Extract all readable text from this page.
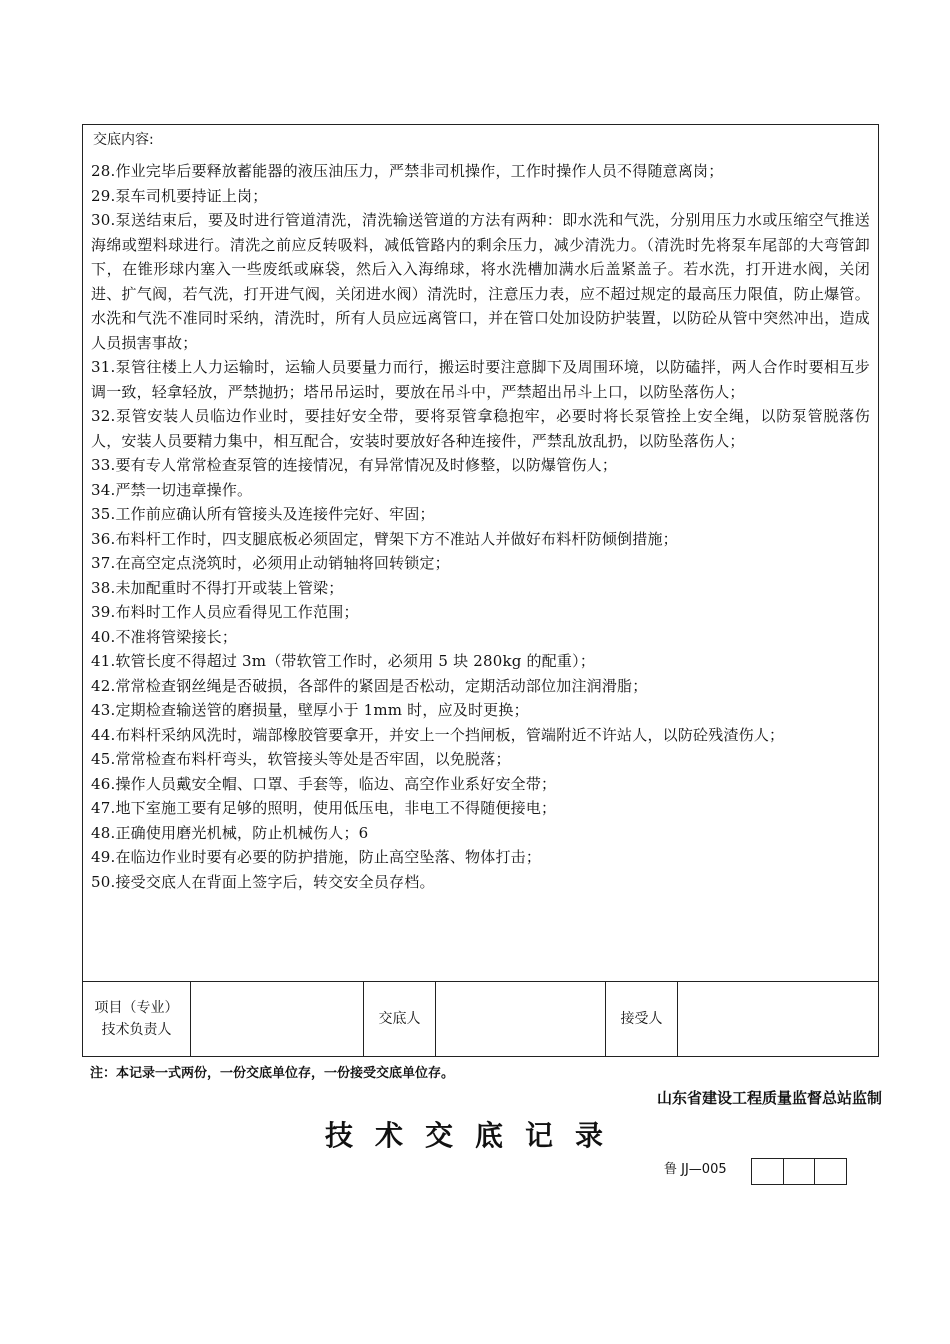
交底内容:

28.作业完毕后要释放蓄能器的液压油压力，严禁非司机操作，工作时操作人员不得随意离岗；

29.泵车司机要持证上岗；

30.泵送结束后，要及时进行管道清洗，清洗输送管道的方法有两种：即水洗和气洗，分别用压力水或压缩空气推送海绵或塑料球进行。清洗之前应反转吸料，减低管路内的剩余压力，减少清洗力。（清洗时先将泵车尾部的大弯管卸下，在锥形球内塞入一些废纸或麻袋，然后入入海绵球，将水洗槽加满水后盖紧盖子。若水洗，打开进水阀，关闭进、扩气阀，若气洗，打开进气阀，关闭进水阀）清洗时，注意压力表，应不超过规定的最高压力限值，防止爆管。水洗和气洗不准同时采纳，清洗时，所有人员应远离管口，并在管口处加设防护装置，以防砼从管中突然冲出，造成人员损害事故；

31.泵管往楼上人力运输时，运输人员要量力而行，搬运时要注意脚下及周围环境，以防磕拌，两人合作时要相互步调一致，轻拿轻放，严禁抛扔；塔吊吊运时，要放在吊斗中，严禁超出吊斗上口，以防坠落伤人；

32.泵管安装人员临边作业时，要挂好安全带，要将泵管拿稳抱牢，必要时将长泵管拴上安全绳，以防泵管脱落伤人，安装人员要精力集中，相互配合，安装时要放好各种连接件，严禁乱放乱扔，以防坠落伤人；

33.要有专人常常检查泵管的连接情况，有异常情况及时修整，以防爆管伤人；

34.严禁一切违章操作。

35.工作前应确认所有管接头及连接件完好、牢固；

36.布料杆工作时，四支腿底板必须固定，臂架下方不准站人并做好布料杆防倾倒措施；

37.在高空定点浇筑时，必须用止动销轴将回转锁定；

38.未加配重时不得打开或装上管梁；

39.布料时工作人员应看得见工作范围；

40.不准将管梁接长；

41.软管长度不得超过 3m（带软管工作时，必须用 5 块 280kg 的配重）；

42.常常检查钢丝绳是否破损，各部件的紧固是否松动，定期活动部位加注润滑脂；

43.定期检查输送管的磨损量，壁厚小于 1mm 时，应及时更换；

44.布料杆采纳风洗时，端部橡胶管要拿开，并安上一个挡闸板，管端附近不许站人，以防砼残渣伤人；

45.常常检查布料杆弯头，软管接头等处是否牢固，以免脱落；

46.操作人员戴安全帽、口罩、手套等，临边、高空作业系好安全带；

47.地下室施工要有足够的照明，使用低压电，非电工不得随便接电；

48.正确使用磨光机械，防止机械伤人；6

49.在临边作业时要有必要的防护措施，防止高空坠落、物体打击；

50.接受交底人在背面上签字后，转交安全员存档。

项目（专业）技术负责人
交底人	接受人
注：本记录一式两份，一份交底单位存，一份接受交底单位存。
山东省建设工程质量监督总站监制
技术交底记录
鲁 JJ—005
